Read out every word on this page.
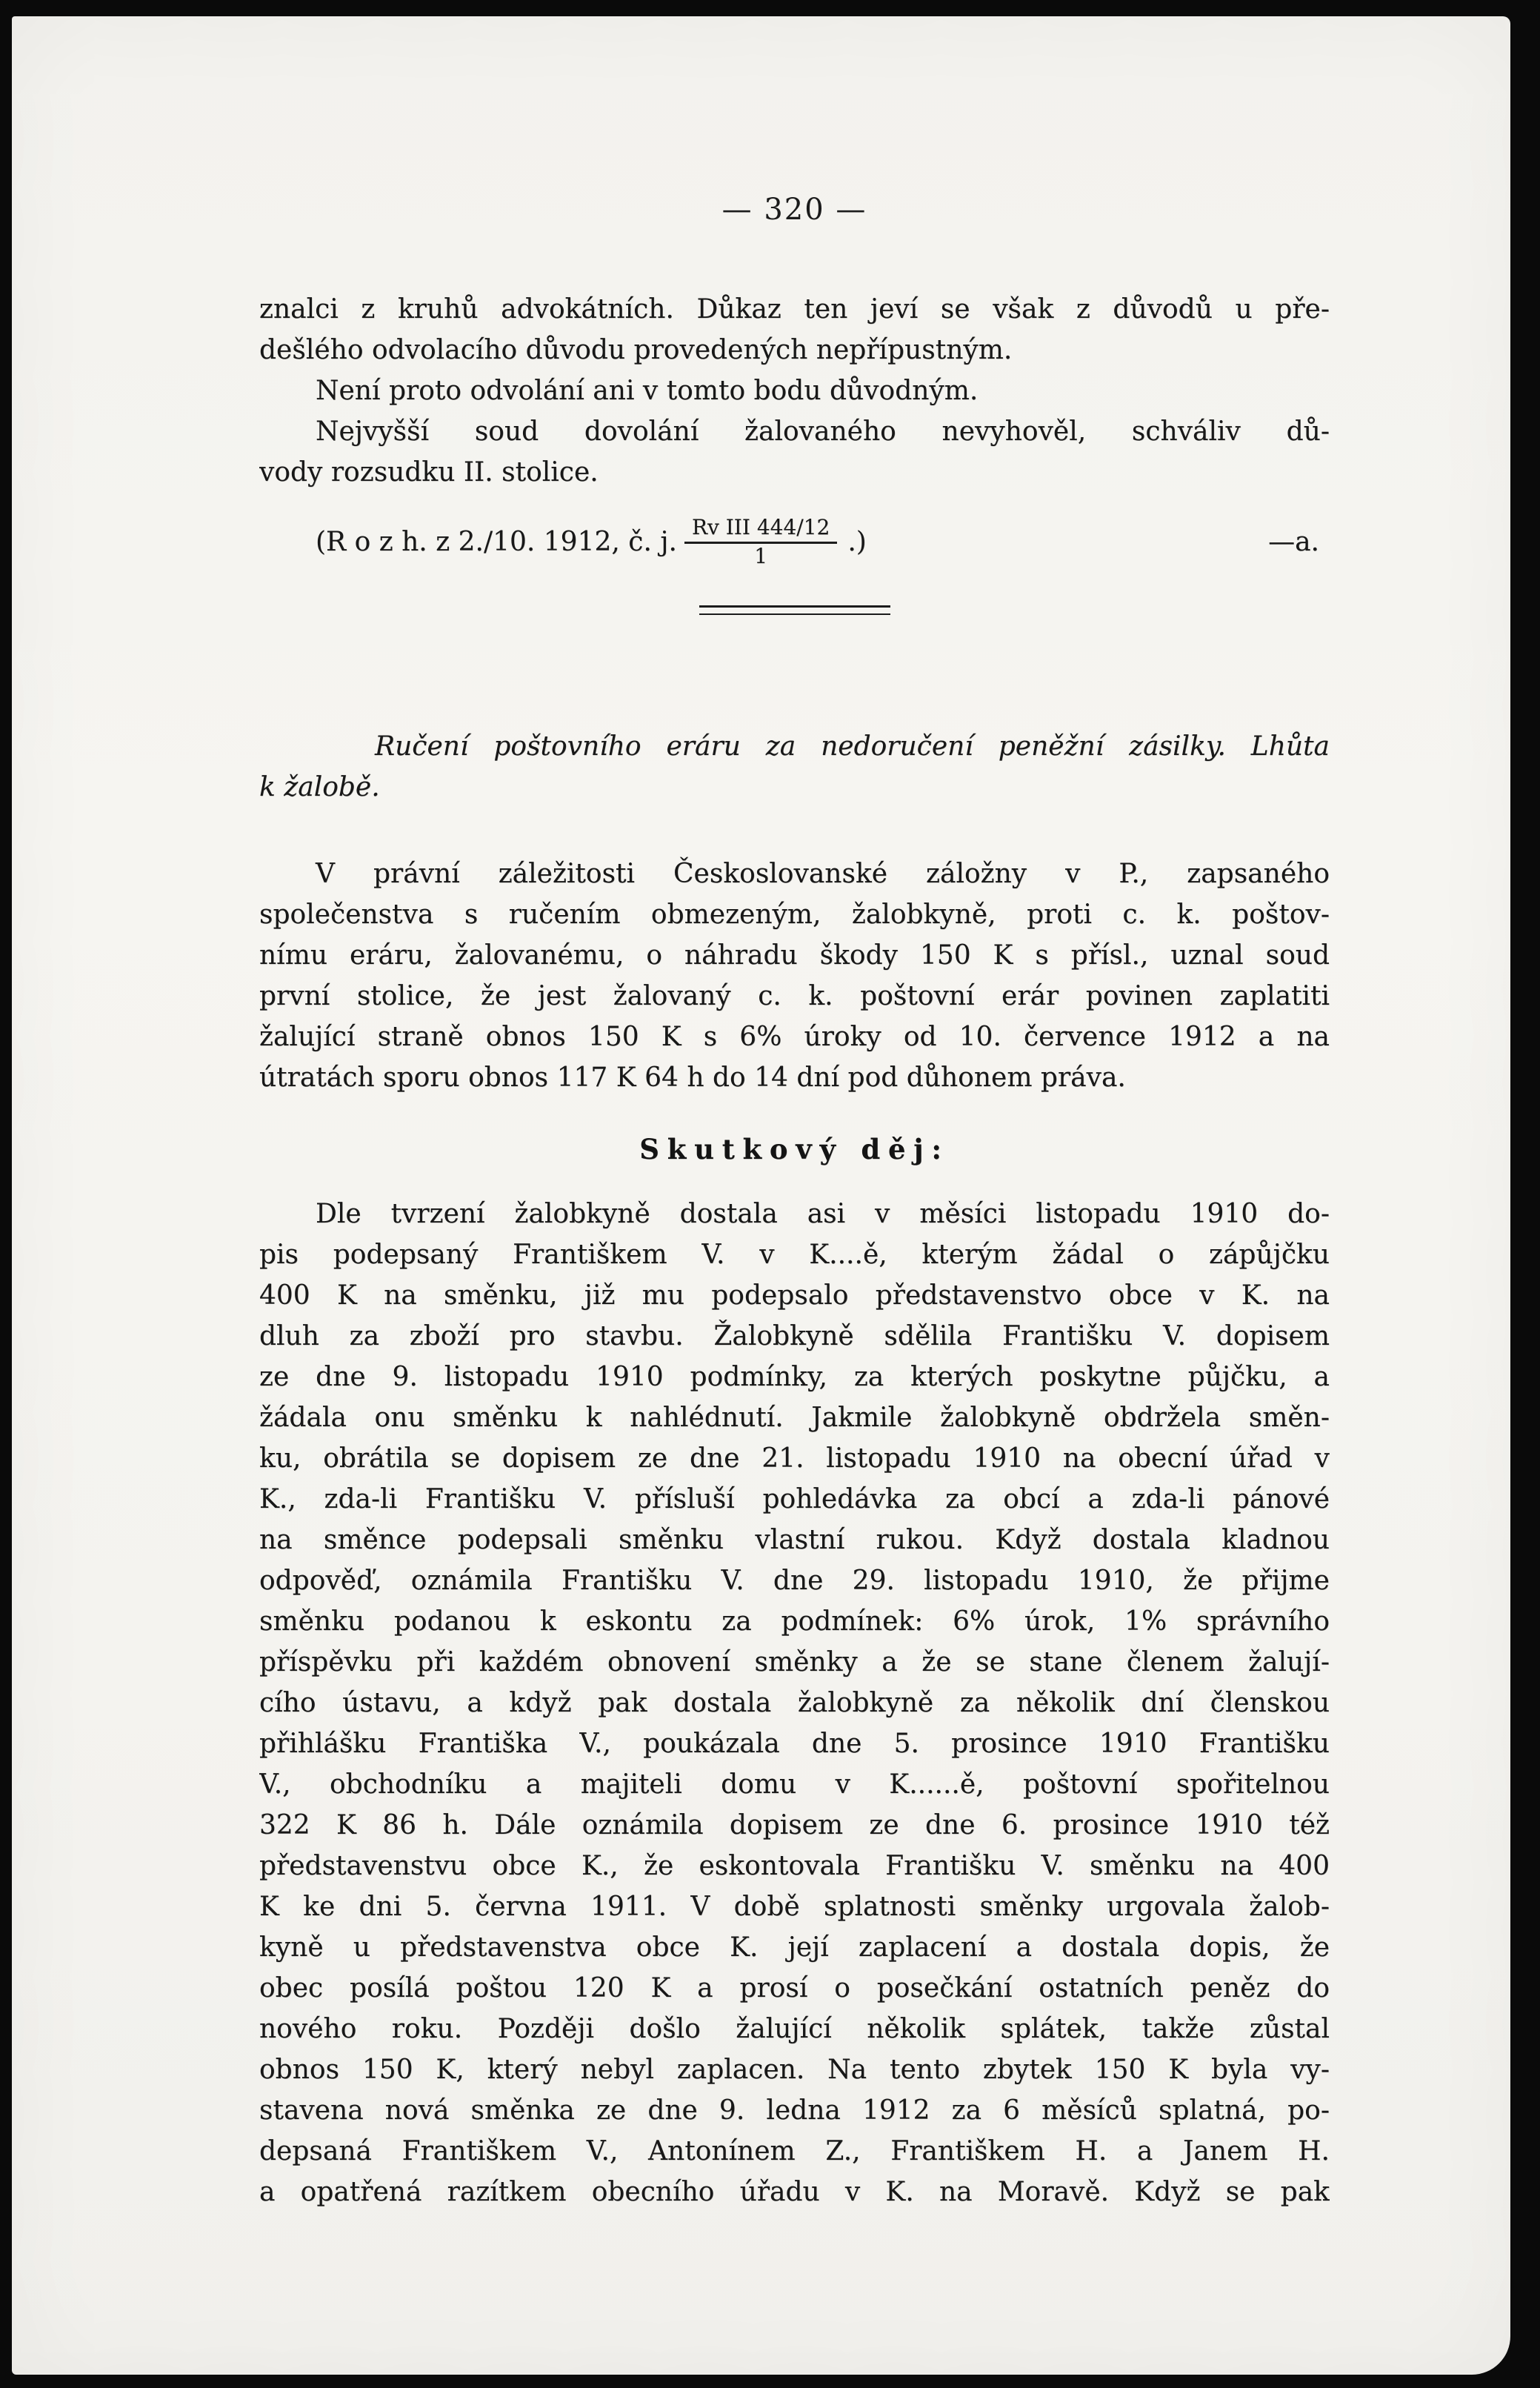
— 320 —
znalci z kruhů advokátních. Důkaz ten jeví se však z důvodů u pře-
dešlého odvolacího důvodu provedených nepřípustným.
Není proto odvolání ani v tomto bodu důvodným.
Nejvyšší soud dovolání žalovaného nevyhověl, schváliv dů-
vody rozsudku II. stolice.
(R o z h. z 2./10. 1912, č. j. $\frac{\text{Rv III 444/12}}{1}$ .)	—a.
Ručení poštovního eráru za nedoručení peněžní zásilky. Lhůta
k žalobě.
V právní záležitosti Českoslovanské záložny v P., zapsaného
společenstva s ručením obmezeným, žalobkyně, proti c. k. poštov-
nímu eráru, žalovanému, o náhradu škody 150 K s přísl., uznal soud
první stolice, že jest žalovaný c. k. poštovní erár povinen zaplatiti
žalující straně obnos 150 K s 6% úroky od 10. července 1912 a na
útratách sporu obnos 117 K 64 h do 14 dní pod důhonem práva.
Skutkový děj:
Dle tvrzení žalobkyně dostala asi v měsíci listopadu 1910 do-
pis podepsaný Františkem V. v K....ě, kterým žádal o zápůjčku
400 K na směnku, již mu podepsalo představenstvo obce v K. na
dluh za zboží pro stavbu. Žalobkyně sdělila Františku V. dopisem
ze dne 9. listopadu 1910 podmínky, za kterých poskytne půjčku, a
žádala onu směnku k nahlédnutí. Jakmile žalobkyně obdržela směn-
ku, obrátila se dopisem ze dne 21. listopadu 1910 na obecní úřad v
K., zda-li Františku V. přísluší pohledávka za obcí a zda-li pánové
na směnce podepsali směnku vlastní rukou. Když dostala kladnou
odpověď, oznámila Františku V. dne 29. listopadu 1910, že přijme
směnku podanou k eskontu za podmínek: 6% úrok, 1% správního
příspěvku při každém obnovení směnky a že se stane členem žalují-
cího ústavu, a když pak dostala žalobkyně za několik dní členskou
přihlášku Františka V., poukázala dne 5. prosince 1910 Františku
V., obchodníku a majiteli domu v K......ě, poštovní spořitelnou
322 K 86 h. Dále oznámila dopisem ze dne 6. prosince 1910 též
představenstvu obce K., že eskontovala Františku V. směnku na 400
K ke dni 5. června 1911. V době splatnosti směnky urgovala žalob-
kyně u představenstva obce K. její zaplacení a dostala dopis, že
obec posílá poštou 120 K a prosí o posečkání ostatních peněz do
nového roku. Později došlo žalující několik splátek, takže zůstal
obnos 150 K, který nebyl zaplacen. Na tento zbytek 150 K byla vy-
stavena nová směnka ze dne 9. ledna 1912 za 6 měsíců splatná, po-
depsaná Františkem V., Antonínem Z., Františkem H. a Janem H.
a opatřená razítkem obecního úřadu v K. na Moravě. Když se pak
